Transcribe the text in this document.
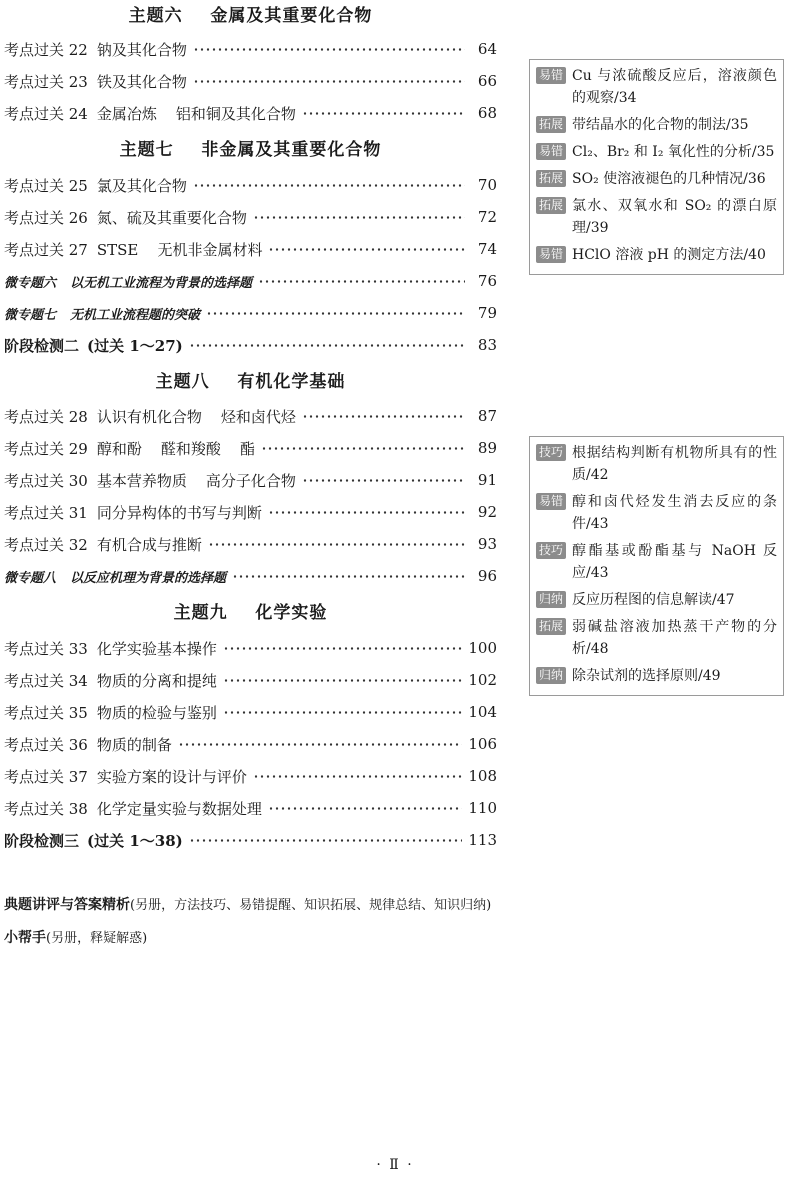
主题六    金属及其重要化合物
考点过关 22 钠及其化合物	64
考点过关 23 铁及其化合物	66
考点过关 24 金属冶炼    铝和铜及其化合物	68
主题七    非金属及其重要化合物
考点过关 25 氯及其化合物	70
考点过关 26 氮、硫及其重要化合物	72
考点过关 27 STSE    无机非金属材料	74
微专题六 以无机工业流程为背景的选择题	76
微专题七 无机工业流程题的突破	79
阶段检测二 (过关 1～27)	83
主题八    有机化学基础
考点过关 28 认识有机化合物    烃和卤代烃	87
考点过关 29 醇和酚    醛和羧酸    酯	89
考点过关 30 基本营养物质    高分子化合物	91
考点过关 31 同分异构体的书写与判断	92
考点过关 32 有机合成与推断	93
微专题八 以反应机理为背景的选择题	96
主题九    化学实验
考点过关 33 化学实验基本操作	100
考点过关 34 物质的分离和提纯	102
考点过关 35 物质的检验与鉴别	104
考点过关 36 物质的制备	106
考点过关 37 实验方案的设计与评价	108
考点过关 38 化学定量实验与数据处理	110
阶段检测三 (过关 1～38)	113
易错 Cu 与浓硫酸反应后，溶液颜色的观察/34
拓展 带结晶水的化合物的制法/35
易错 Cl₂、Br₂ 和 I₂ 氧化性的分析/35
拓展 SO₂ 使溶液褪色的几种情况/36
拓展 氯水、双氧水和 SO₂ 的漂白原理/39
易错 HClO 溶液 pH 的测定方法/40
技巧 根据结构判断有机物所具有的性质/42
易错 醇和卤代烃发生消去反应的条件/43
技巧 醇酯基或酚酯基与 NaOH 反应/43
归纳 反应历程图的信息解读/47
拓展 弱碱盐溶液加热蒸干产物的分析/48
归纳 除杂试剂的选择原则/49
典题讲评与答案精析(另册，方法技巧、易错提醒、知识拓展、规律总结、知识归纳)
小帮手(另册，释疑解惑)
· Ⅱ ·
